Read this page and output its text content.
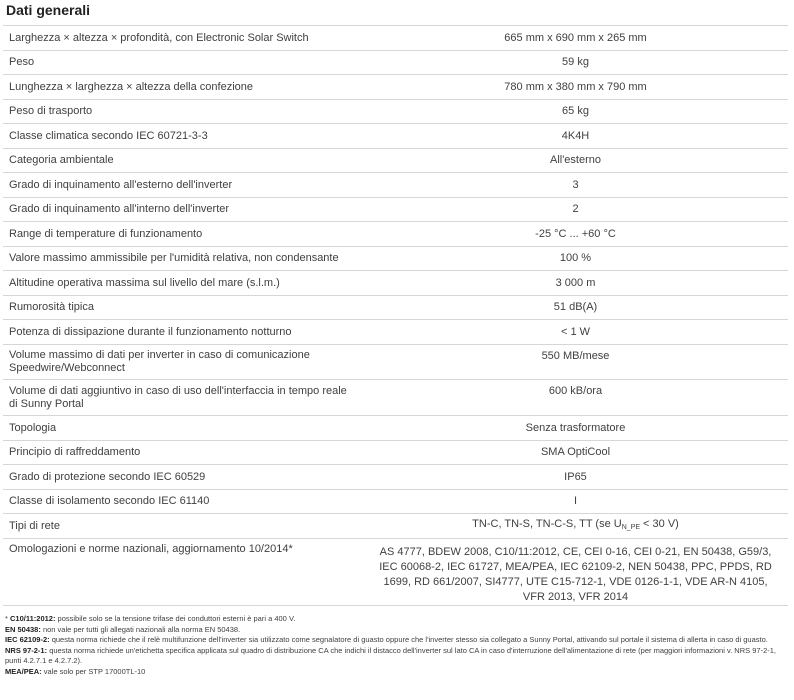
Dati generali
Larghezza × altezza × profondità, con Electronic Solar Switch	665 mm x 690 mm x 265 mm
Peso	59 kg
Lunghezza × larghezza × altezza della confezione	780 mm x 380 mm x 790 mm
Peso di trasporto	65 kg
Classe climatica secondo IEC 60721-3-3	4K4H
Categoria ambientale	All'esterno
Grado di inquinamento all'esterno dell'inverter	3
Grado di inquinamento all'interno dell'inverter	2
Range di temperature di funzionamento	-25 °C ... +60 °C
Valore massimo ammissibile per l'umidità relativa, non condensante	100 %
Altitudine operativa massima sul livello del mare (s.l.m.)	3 000 m
Rumorosità tipica	51 dB(A)
Potenza di dissipazione durante il funzionamento notturno	< 1 W
Volume massimo di dati per inverter in caso di comunicazione Speedwire/Webconnect	550 MB/mese
Volume di dati aggiuntivo in caso di uso dell'interfaccia in tempo reale di Sunny Portal	600 kB/ora
Topologia	Senza trasformatore
Principio di raffreddamento	SMA OptiCool
Grado di protezione secondo IEC 60529	IP65
Classe di isolamento secondo IEC 61140	I
Tipi di rete	TN-C, TN-S, TN-C-S, TT (se $U_{N\_PE} < 30$ V)
Omologazioni e norme nazionali, aggiornamento 10/2014*	AS 4777, BDEW 2008, C10/11:2012, CE, CEI 0-16, CEI 0-21, EN 50438, G59/3, IEC 60068-2, IEC 61727, MEA/PEA, IEC 62109-2, NEN 50438, PPC, PPDS, RD 1699, RD 661/2007, SI4777, UTE C15-712-1, VDE 0126-1-1, VDE AR-N 4105, VFR 2013, VFR 2014

* C10/11:2012: possibile solo se la tensione trifase dei conduttori esterni è pari a 400 V.

EN 50438: non vale per tutti gli allegati nazionali alla norma EN 50438.

IEC 62109-2: questa norma richiede che il relè multifunzione dell'inverter sia utilizzato come segnalatore di guasto oppure che l'inverter stesso sia collegato a Sunny Portal, attivando sul portale il sistema di allerta in caso di guasto.

NRS 97-2-1: questa norma richiede un'etichetta specifica applicata sul quadro di distribuzione CA che indichi il distacco dell'inverter sul lato CA in caso d'interruzione dell'alimentazione di rete (per maggiori informazioni v. NRS 97-2-1, punti 4.2.7.1 e 4.2.7.2).

MEA/PEA: vale solo per STP 17000TL-10
